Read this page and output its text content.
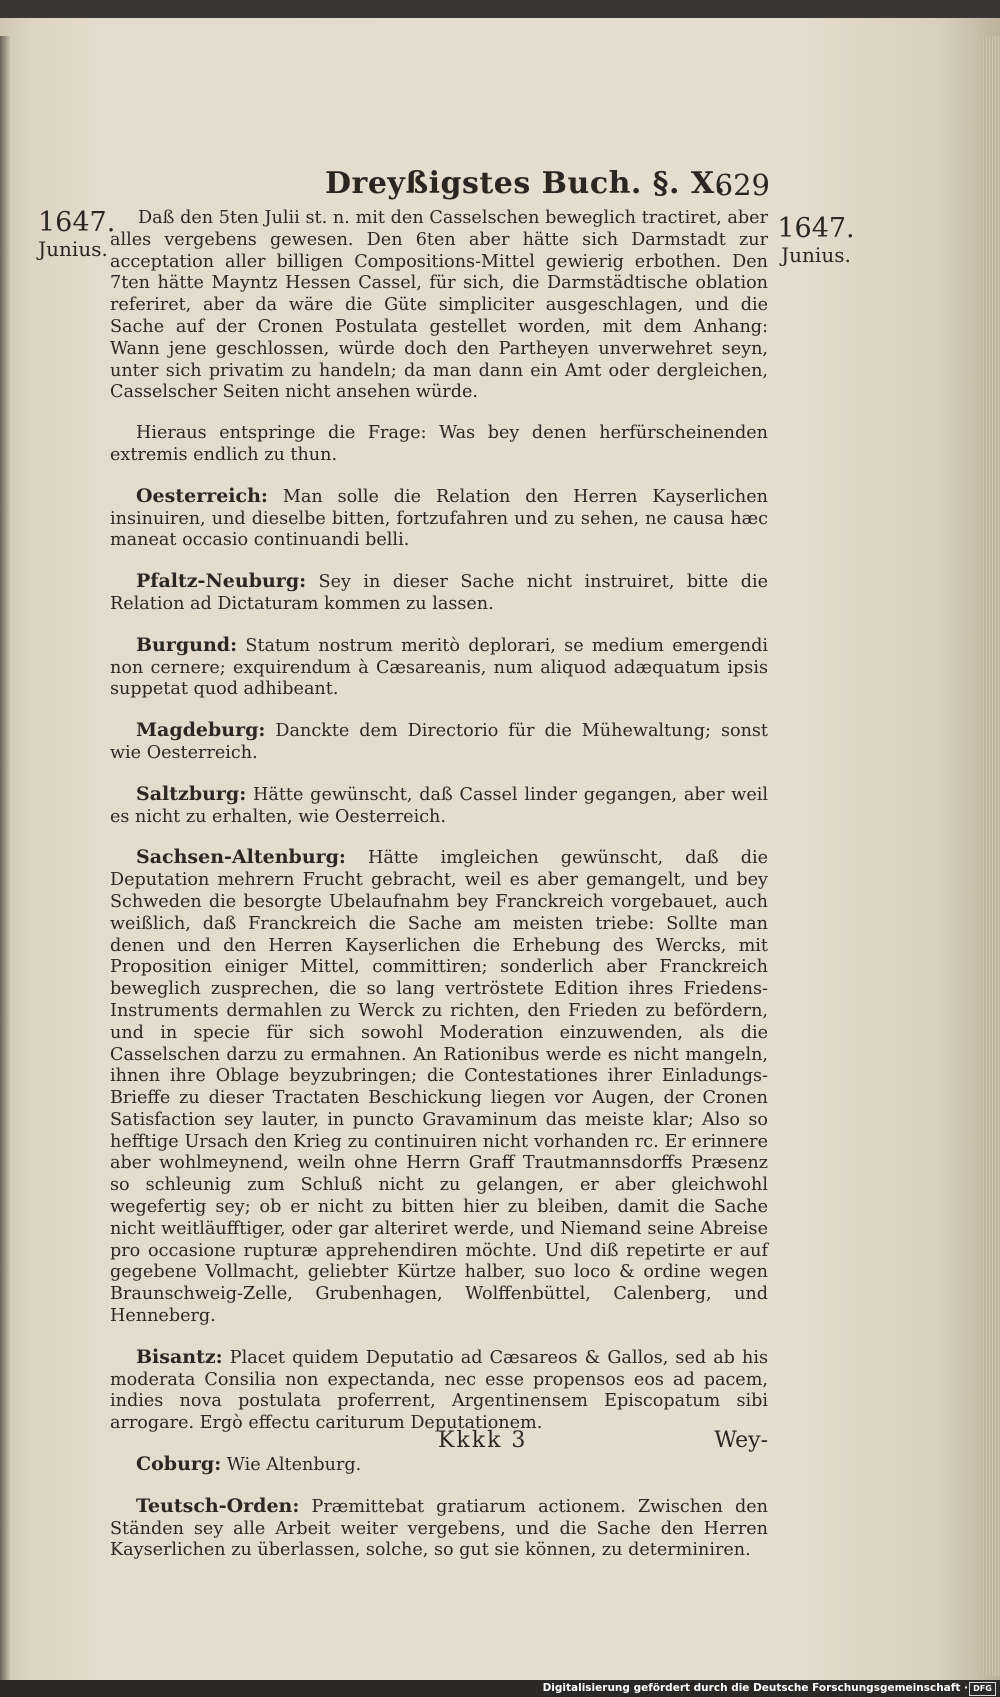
Dreyßigstes Buch. §. X.
629
1647.
Junius.
1647.
Junius.

Daß den 5ten Julii st. n. mit den Casselschen beweglich tractiret, aber alles vergebens gewesen. Den 6ten aber hätte sich Darmstadt zur acceptation aller billigen Compositions-Mittel gewierig erbothen. Den 7ten hätte Mayntz Hessen Cassel, für sich, die Darmstädtische oblation referiret, aber da wäre die Güte simpliciter ausgeschlagen, und die Sache auf der Cronen Postulata gestellet worden, mit dem Anhang: Wann jene geschlossen, würde doch den Partheyen unverwehret seyn, unter sich privatim zu handeln; da man dann ein Amt oder dergleichen, Casselscher Seiten nicht ansehen würde.

Hieraus entspringe die Frage: Was bey denen herfürscheinenden extremis endlich zu thun.

Oesterreich: Man solle die Relation den Herren Kayserlichen insinuiren, und dieselbe bitten, fortzufahren und zu sehen, ne causa hæc maneat occasio continuandi belli.

Pfaltz-Neuburg: Sey in dieser Sache nicht instruiret, bitte die Relation ad Dictaturam kommen zu lassen.

Burgund: Statum nostrum meritò deplorari, se medium emergendi non cernere; exquirendum à Cæsareanis, num aliquod adæquatum ipsis suppetat quod adhibeant.

Magdeburg: Danckte dem Directorio für die Mühewaltung; sonst wie Oesterreich.

Saltzburg: Hätte gewünscht, daß Cassel linder gegangen, aber weil es nicht zu erhalten, wie Oesterreich.

Sachsen-Altenburg: Hätte imgleichen gewünscht, daß die Deputation mehrern Frucht gebracht, weil es aber gemangelt, und bey Schweden die besorgte Ubelaufnahm bey Franckreich vorgebauet, auch weißlich, daß Franckreich die Sache am meisten triebe: Sollte man denen und den Herren Kayserlichen die Erhebung des Wercks, mit Proposition einiger Mittel, committiren; sonderlich aber Franckreich beweglich zusprechen, die so lang vertröstete Edition ihres Friedens-Instruments dermahlen zu Werck zu richten, den Frieden zu befördern, und in specie für sich sowohl Moderation einzuwenden, als die Casselschen darzu zu ermahnen. An Rationibus werde es nicht mangeln, ihnen ihre Oblage beyzubringen; die Contestationes ihrer Einladungs-Brieffe zu dieser Tractaten Beschickung liegen vor Augen, der Cronen Satisfaction sey lauter, in puncto Gravaminum das meiste klar; Also so hefftige Ursach den Krieg zu continuiren nicht vorhanden rc. Er erinnere aber wohlmeynend, weiln ohne Herrn Graff Trautmannsdorffs Præsenz so schleunig zum Schluß nicht zu gelangen, er aber gleichwohl wegefertig sey; ob er nicht zu bitten hier zu bleiben, damit die Sache nicht weitläufftiger, oder gar alteriret werde, und Niemand seine Abreise pro occasione rupturæ apprehendiren möchte. Und diß repetirte er auf gegebene Vollmacht, geliebter Kürtze halber, suo loco & ordine wegen Braunschweig-Zelle, Grubenhagen, Wolffenbüttel, Calenberg, und Henneberg.

Bisantz: Placet quidem Deputatio ad Cæsareos & Gallos, sed ab his moderata Consilia non expectanda, nec esse propensos eos ad pacem, indies nova postulata proferrent, Argentinensem Episcopatum sibi arrogare. Ergò effectu cariturum Deputationem.

Coburg: Wie Altenburg.

Teutsch-Orden: Præmittebat gratiarum actionem. Zwischen den Ständen sey alle Arbeit weiter vergebens, und die Sache den Herren Kayserlichen zu überlassen, solche, so gut sie können, zu determiniren.

Kkkk 3	Wey-
Digitalisierung gefördert durch die Deutsche Forschungsgemeinschaft · DFG
